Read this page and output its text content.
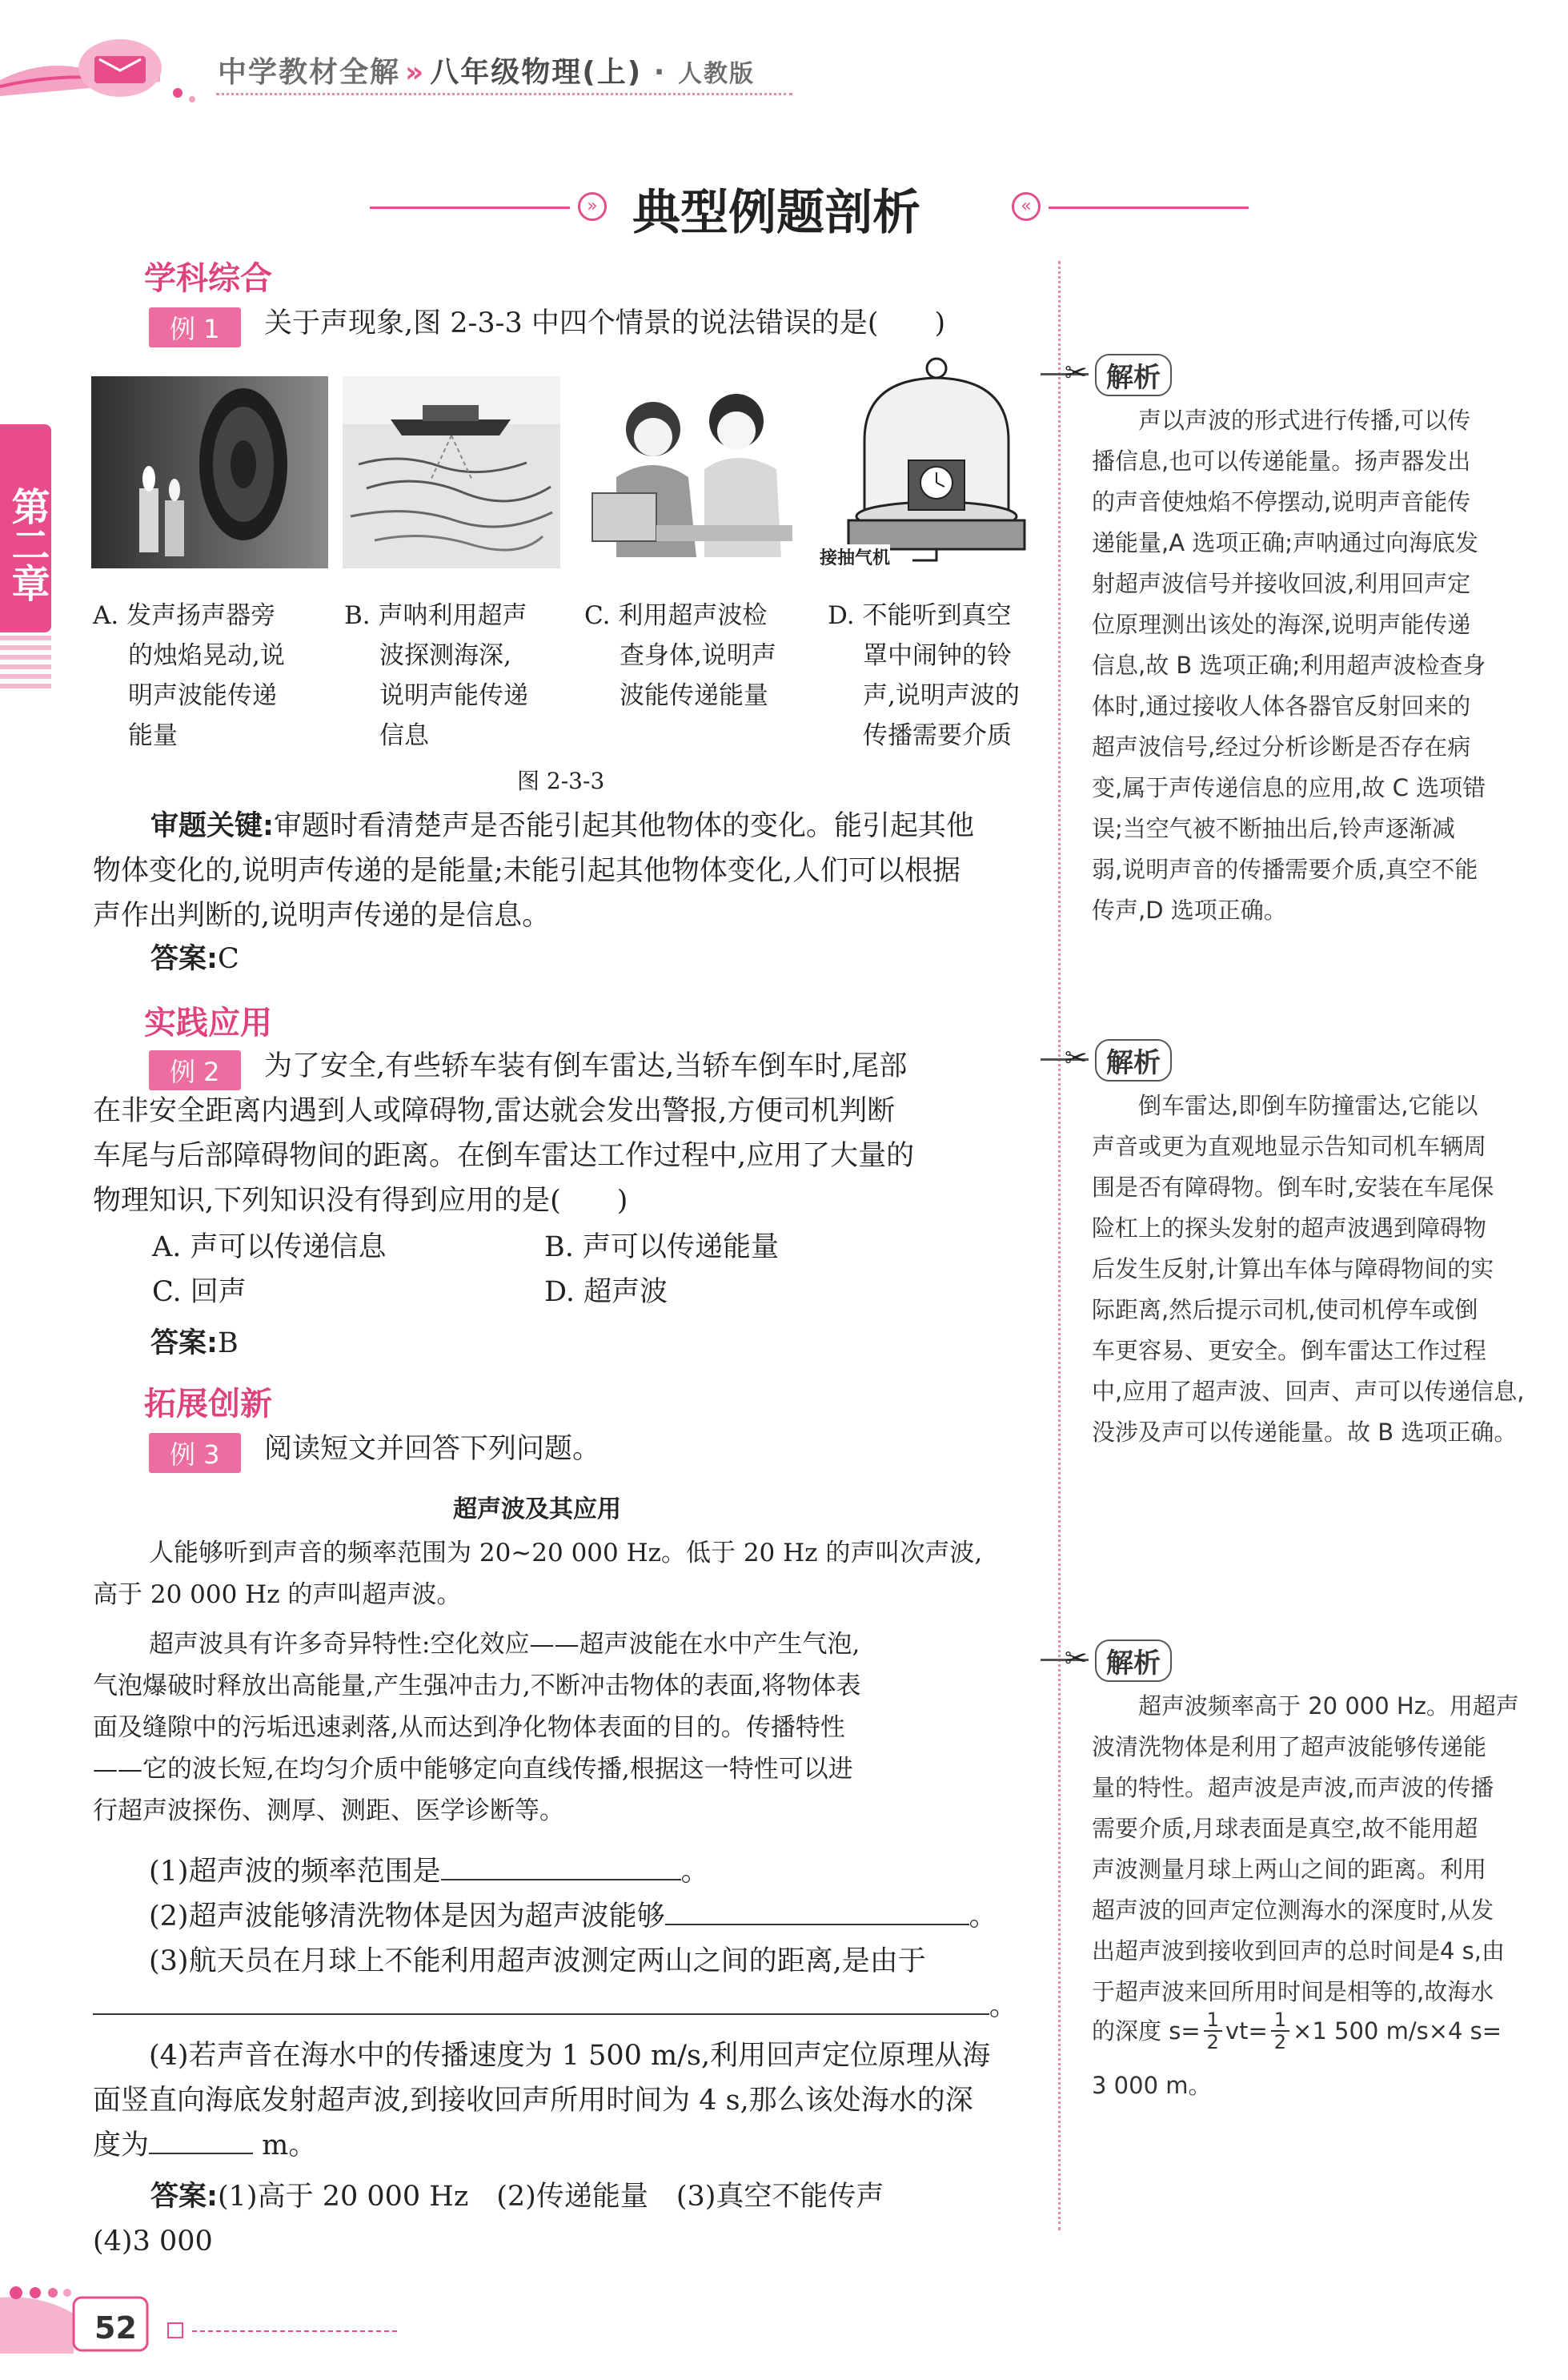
中学教材全解 » 八年级物理(上) · 人教版
» 典型例题剖析	«
第二章
学科综合
例 1	关于声现象,图 2-3-3 中四个情景的说法错误的是(　　)
接抽气机
A. 发声扬声器旁
的烛焰晃动,说
明声波能传递
能量
B. 声呐利用超声
波探测海深,
说明声能传递
信息
C. 利用超声波检
查身体,说明声
波能传递能量
D. 不能听到真空
罩中闹钟的铃
声,说明声波的
传播需要介质
图 2-3-3
审题关键:审题时看清楚声是否能引起其他物体的变化。能引起其他
物体变化的,说明声传递的是能量;未能引起其他物体变化,人们可以根据
声作出判断的,说明声传递的是信息。
答案:C
实践应用
例 2	为了安全,有些轿车装有倒车雷达,当轿车倒车时,尾部
在非安全距离内遇到人或障碍物,雷达就会发出警报,方便司机判断
车尾与后部障碍物间的距离。在倒车雷达工作过程中,应用了大量的
物理知识,下列知识没有得到应用的是(　　)
A. 声可以传递信息	B. 声可以传递能量
C. 回声	D. 超声波
答案:B
拓展创新
例 3	阅读短文并回答下列问题。
超声波及其应用
人能够听到声音的频率范围为 20~20 000 Hz。低于 20 Hz 的声叫次声波,
高于 20 000 Hz 的声叫超声波。
超声波具有许多奇异特性:空化效应——超声波能在水中产生气泡,
气泡爆破时释放出高能量,产生强冲击力,不断冲击物体的表面,将物体表
面及缝隙中的污垢迅速剥落,从而达到净化物体表面的目的。传播特性
——它的波长短,在均匀介质中能够定向直线传播,根据这一特性可以进
行超声波探伤、测厚、测距、医学诊断等。
(1)超声波的频率范围是	。
(2)超声波能够清洗物体是因为超声波能够	。
(3)航天员在月球上不能利用超声波测定两山之间的距离,是由于
。
(4)若声音在海水中的传播速度为 1 500 m/s,利用回声定位原理从海
面竖直向海底发射超声波,到接收回声所用时间为 4 s,那么该处海水的深
度为	m。
答案:(1)高于 20 000 Hz　(2)传递能量　(3)真空不能传声
(4)3 000
✂ 解析
声以声波的形式进行传播,可以传
播信息,也可以传递能量。扬声器发出
的声音使烛焰不停摆动,说明声音能传
递能量,A 选项正确;声呐通过向海底发
射超声波信号并接收回波,利用回声定
位原理测出该处的海深,说明声能传递
信息,故 B 选项正确;利用超声波检查身
体时,通过接收人体各器官反射回来的
超声波信号,经过分析诊断是否存在病
变,属于声传递信息的应用,故 C 选项错
误;当空气被不断抽出后,铃声逐渐减
弱,说明声音的传播需要介质,真空不能
传声,D 选项正确。
✂ 解析
倒车雷达,即倒车防撞雷达,它能以
声音或更为直观地显示告知司机车辆周
围是否有障碍物。倒车时,安装在车尾保
险杠上的探头发射的超声波遇到障碍物
后发生反射,计算出车体与障碍物间的实
际距离,然后提示司机,使司机停车或倒
车更容易、更安全。倒车雷达工作过程
中,应用了超声波、回声、声可以传递信息,
没涉及声可以传递能量。故 B 选项正确。
✂ 解析
超声波频率高于 20 000 Hz。用超声
波清洗物体是利用了超声波能够传递能
量的特性。超声波是声波,而声波的传播
需要介质,月球表面是真空,故不能用超
声波测量月球上两山之间的距离。利用
超声波的回声定位测海水的深度时,从发
出超声波到接收到回声的总时间是4 s,由
于超声波来回所用时间是相等的,故海水
的深度 $s= \frac{1}{2} vt= \frac{1}{2} \times 1$ 500 m/s×4 s=
3 000 m。
52
